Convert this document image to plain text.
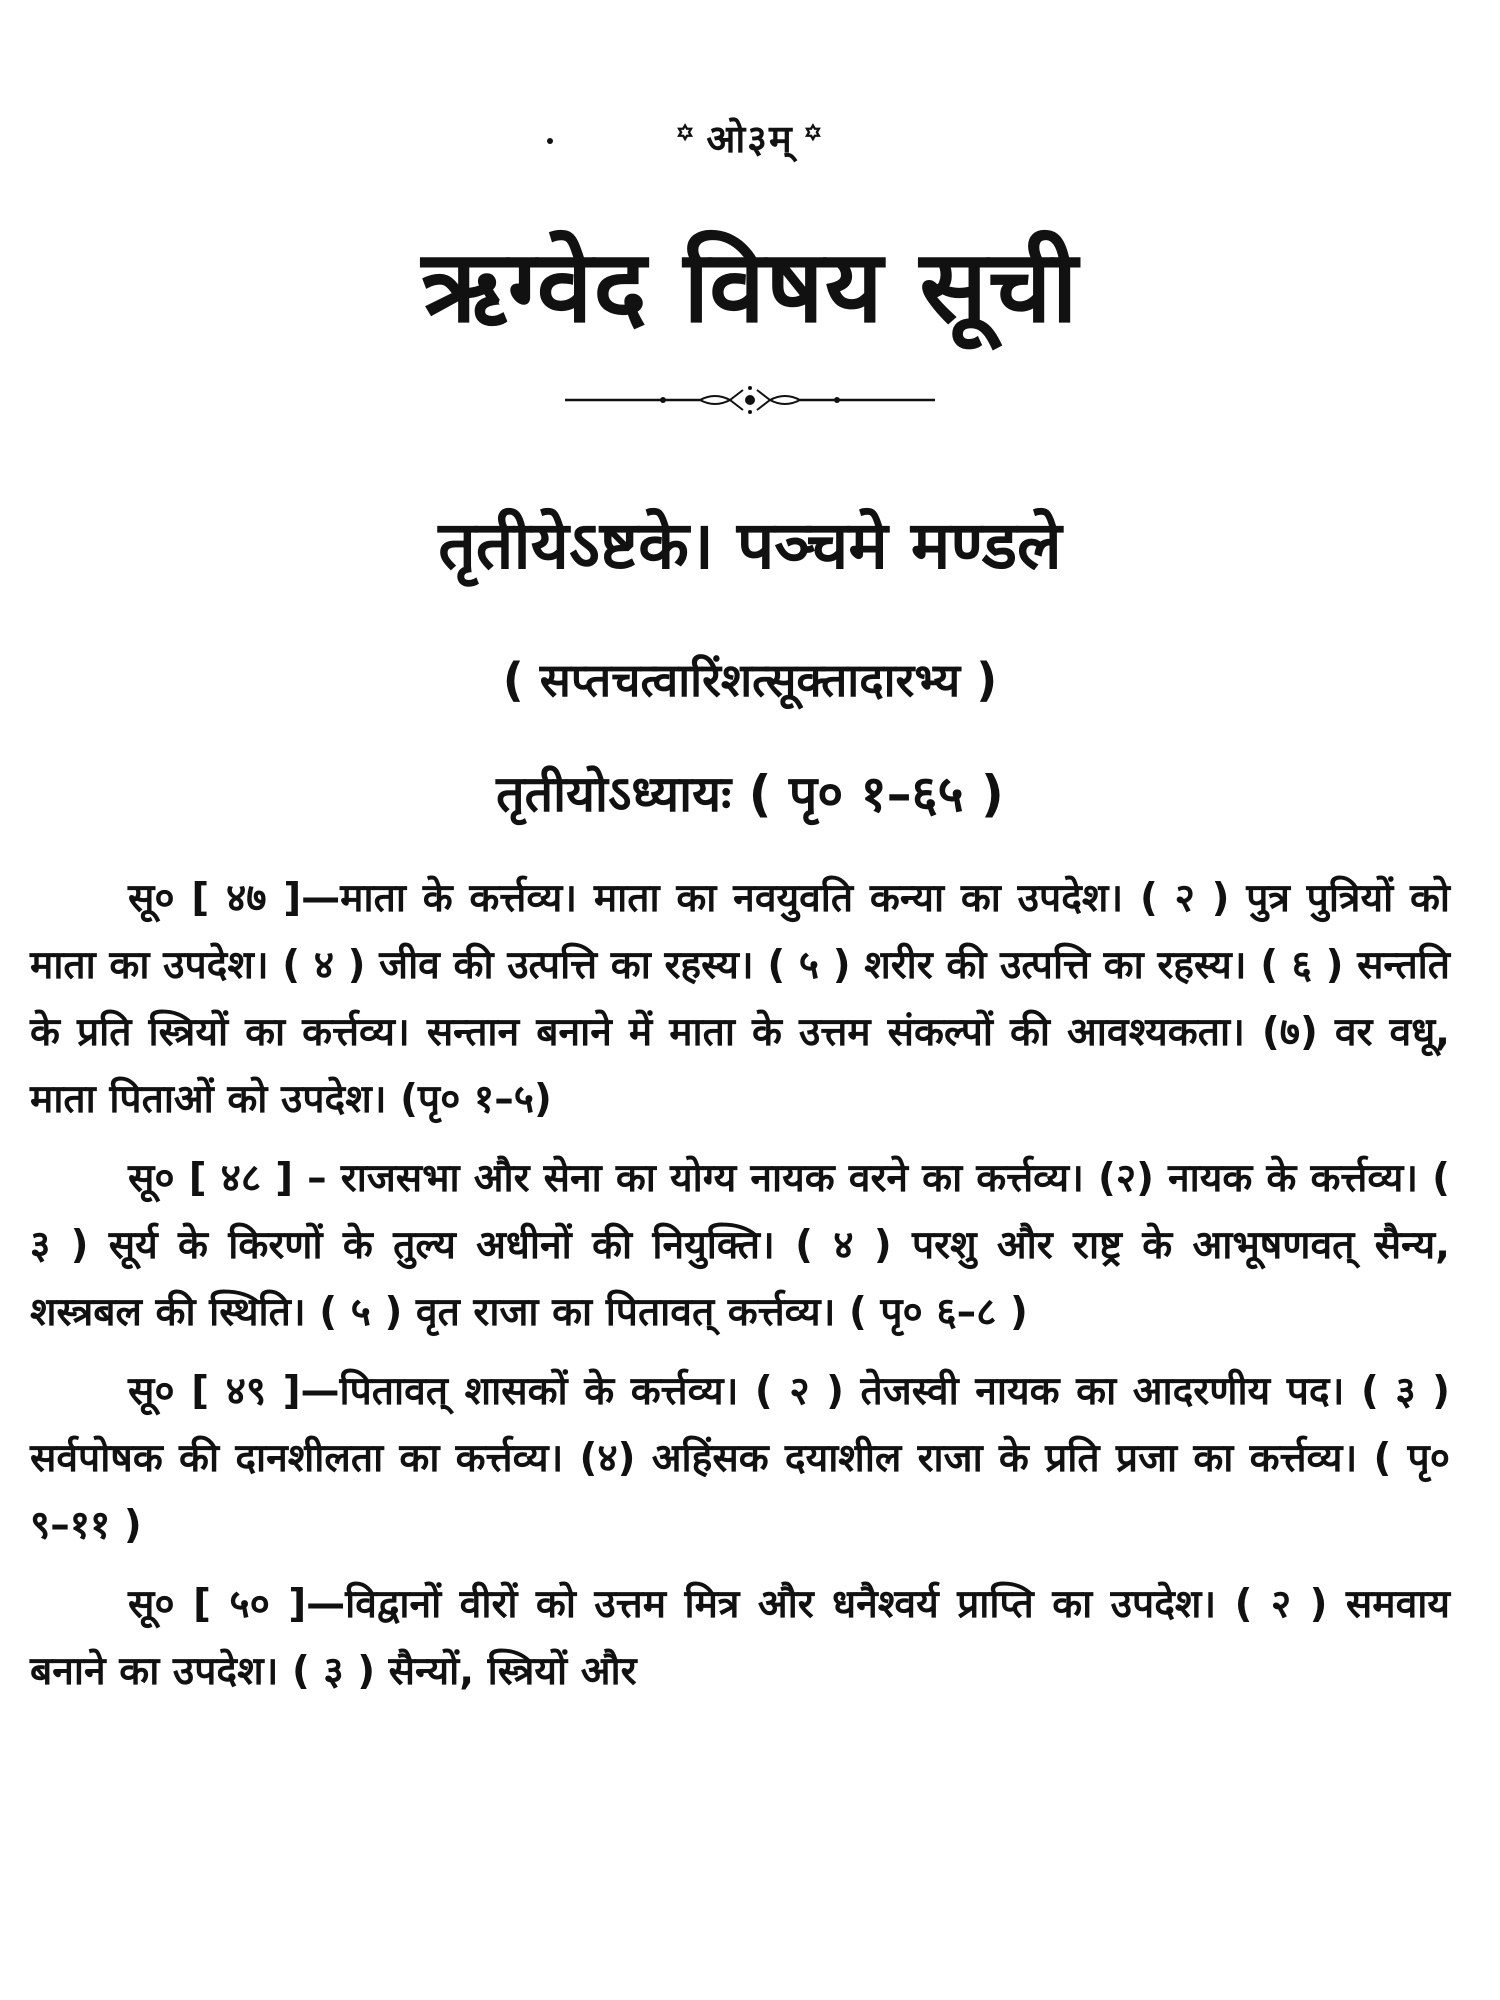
꙳ ओ३म् ꙳
ऋग्वेद विषय सूची
तृतीयेऽष्टके। पञ्चमे मण्डले
( सप्तचत्वारिंशत्सूक्तादारभ्य )
तृतीयोऽध्यायः ( पृ० १–६५ )

सू० [ ४७ ]—माता के कर्त्तव्य। माता का नवयुवति कन्या का उपदेश। ( २ ) पुत्र पुत्रियों को माता का उपदेश। ( ४ ) जीव की उत्पत्ति का रहस्य। ( ५ ) शरीर की उत्पत्ति का रहस्य। ( ६ ) सन्तति के प्रति स्त्रियों का कर्त्तव्य। सन्तान बनाने में माता के उत्तम संकल्पों की आवश्यकता। (७) वर वधू, माता पिताओं को उपदेश। (पृ० १–५)

सू० [ ४८ ] – राजसभा और सेना का योग्य नायक वरने का कर्त्तव्य। (२) नायक के कर्त्तव्य। ( ३ ) सूर्य के किरणों के तुल्य अधीनों की नियुक्ति। ( ४ ) परशु और राष्ट्र के आभूषणवत् सैन्य, शस्त्रबल की स्थिति। ( ५ ) वृत राजा का पितावत् कर्त्तव्य। ( पृ० ६–८ )

सू० [ ४९ ]—पितावत् शासकों के कर्त्तव्य। ( २ ) तेजस्वी नायक का आदरणीय पद। ( ३ ) सर्वपोषक की दानशीलता का कर्त्तव्य। (४) अहिंसक दयाशील राजा के प्रति प्रजा का कर्त्तव्य। ( पृ० ९–११ )

सू० [ ५० ]—विद्वानों वीरों को उत्तम मित्र और धनैश्वर्य प्राप्ति का उपदेश। ( २ ) समवाय बनाने का उपदेश। ( ३ ) सैन्यों, स्त्रियों और
